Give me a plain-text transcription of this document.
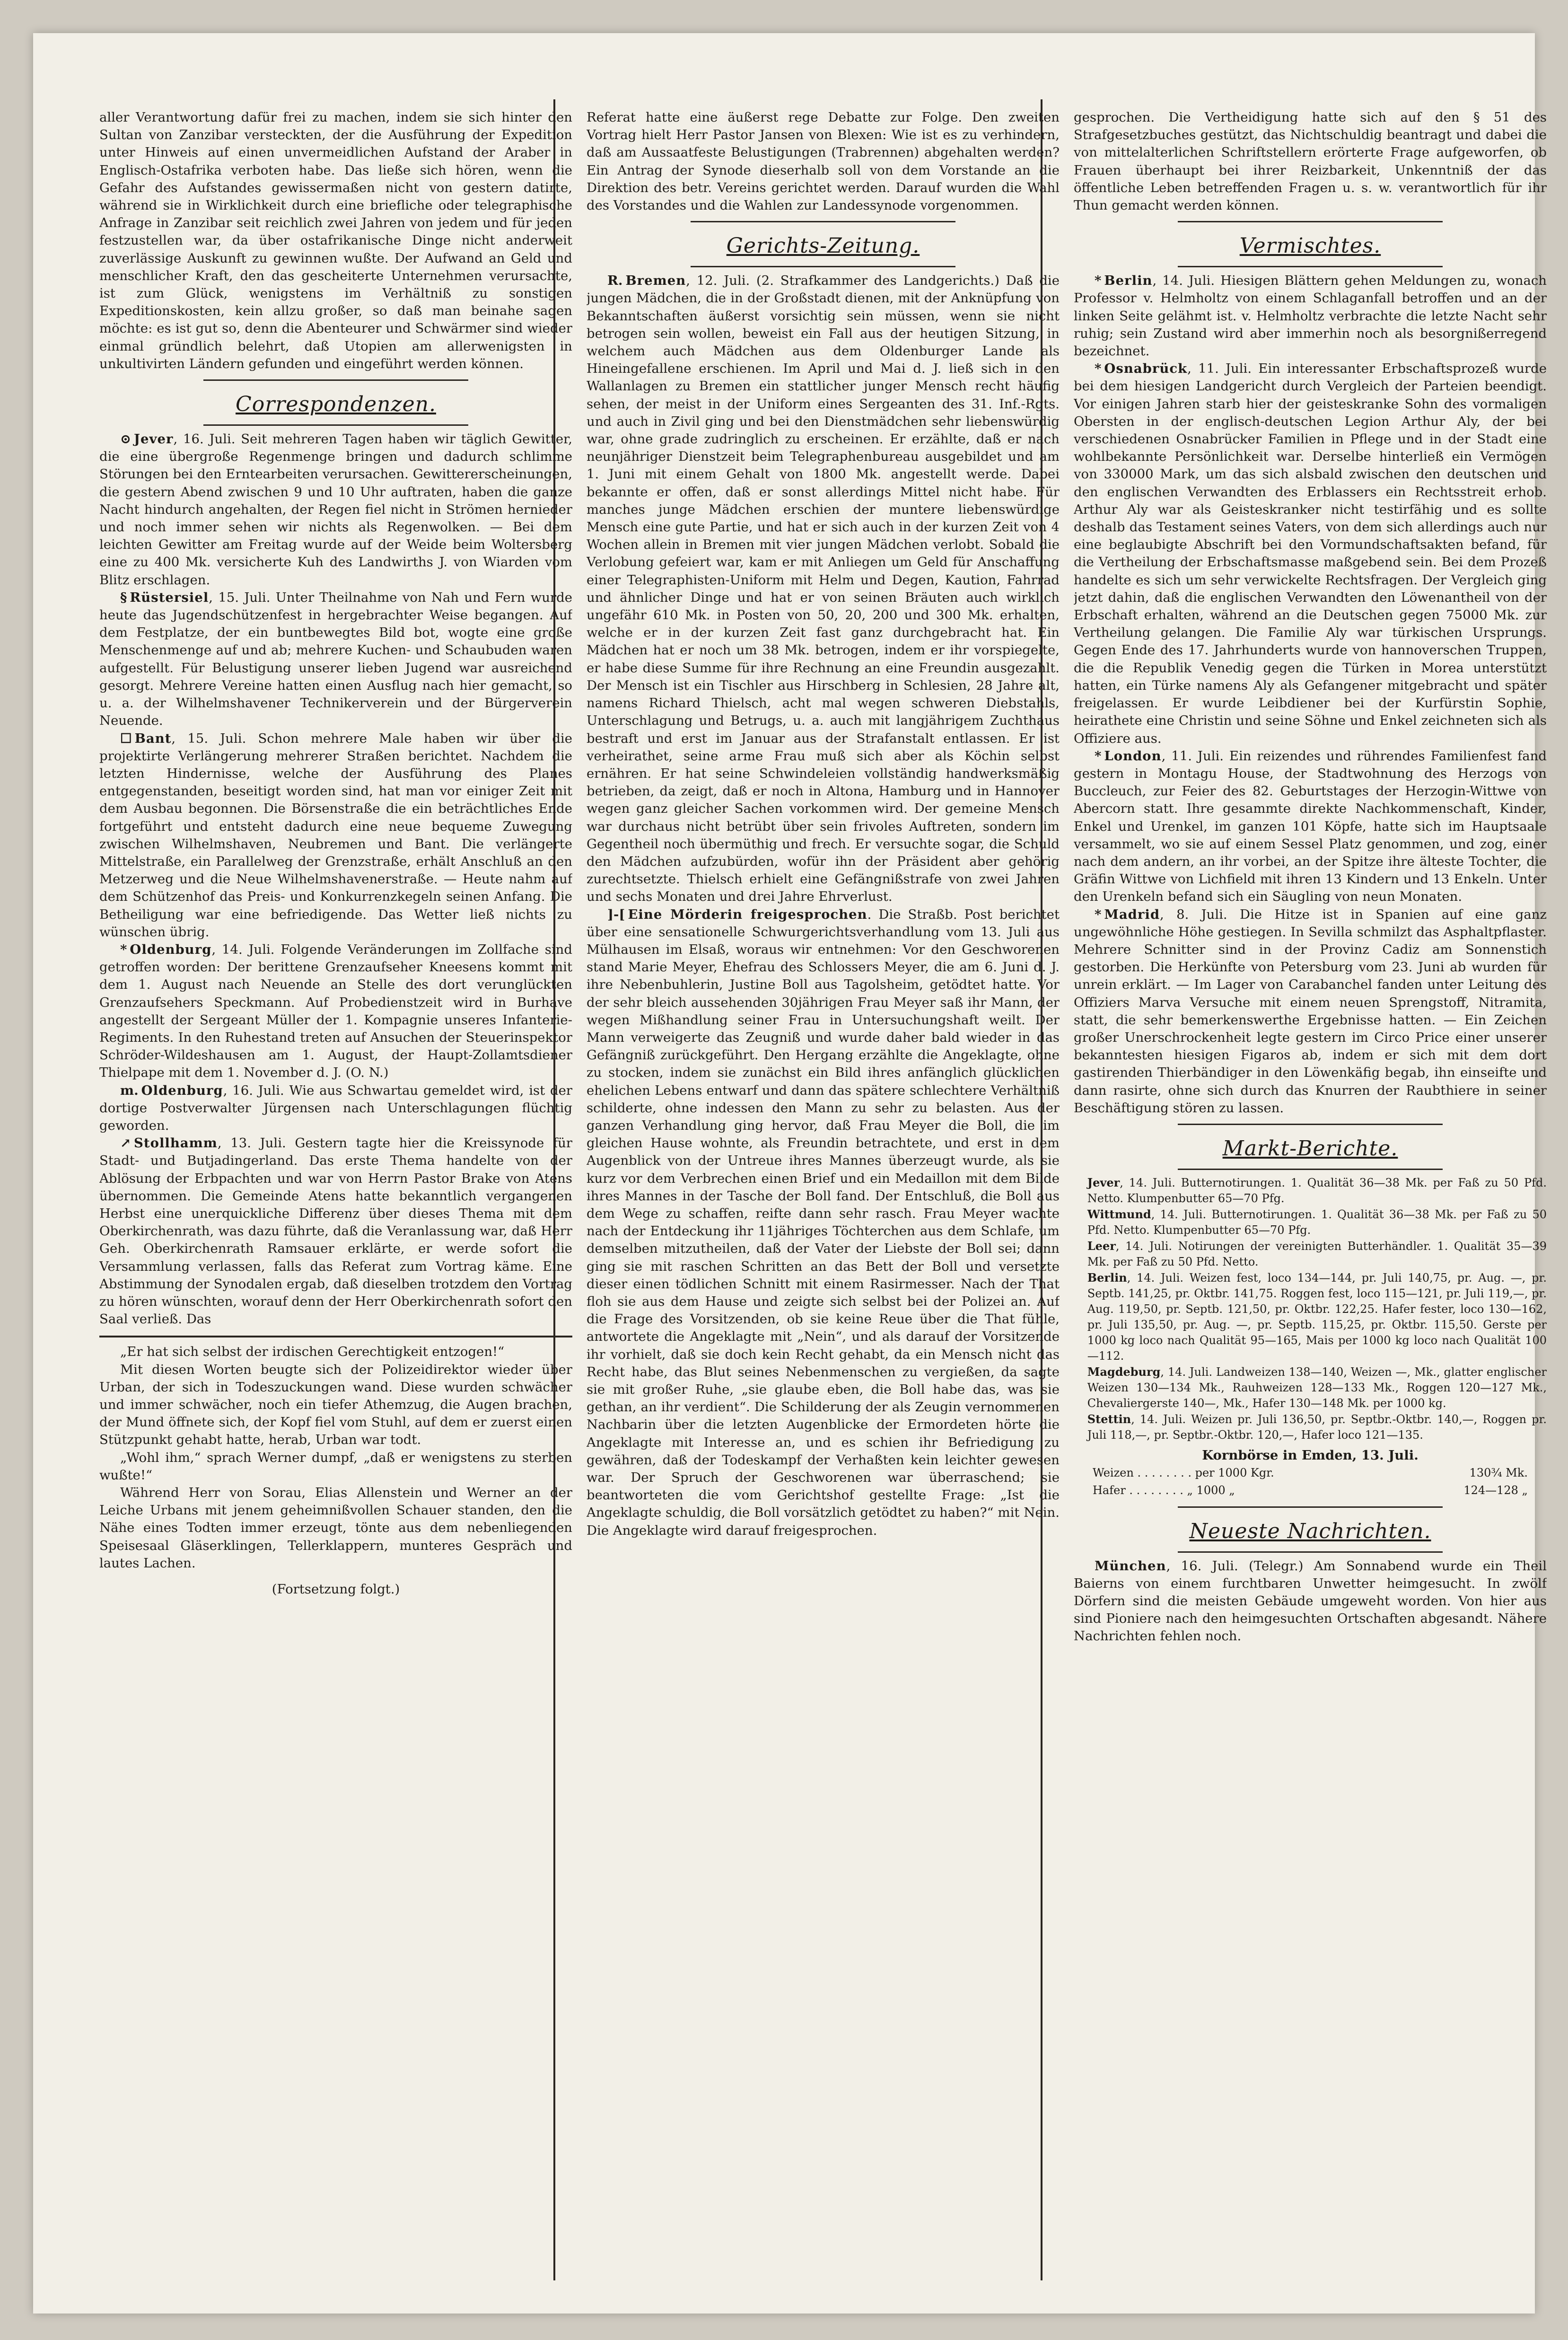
aller Verantwortung dafür frei zu machen, indem sie sich hinter den Sultan von Zanzibar versteckten, der die Ausführung der Expedition unter Hinweis auf einen unvermeidlichen Aufstand der Araber in Englisch-Ostafrika verboten habe. Das ließe sich hören, wenn die Gefahr des Aufstandes gewissermaßen nicht von gestern datirte, während sie in Wirklichkeit durch eine briefliche oder telegraphische Anfrage in Zanzibar seit reichlich zwei Jahren von jedem und für jeden festzustellen war, da über ostafrikanische Dinge nicht anderweit zuverlässige Auskunft zu gewinnen wußte. Der Aufwand an Geld und menschlicher Kraft, den das gescheiterte Unternehmen verursachte, ist zum Glück, wenigstens im Verhältniß zu sonstigen Expeditionskosten, kein allzu großer, so daß man beinahe sagen möchte: es ist gut so, denn die Abenteurer und Schwärmer sind wieder einmal gründlich belehrt, daß Utopien am allerwenigsten in unkultivirten Ländern gefunden und eingeführt werden können.

Correspondenzen.

⊙ Jever, 16. Juli. Seit mehreren Tagen haben wir täglich Gewitter, die eine übergroße Regenmenge bringen und dadurch schlimme Störungen bei den Erntearbeiten verursachen. Gewittererscheinungen, die gestern Abend zwischen 9 und 10 Uhr auftraten, haben die ganze Nacht hindurch angehalten, der Regen fiel nicht in Strömen hernieder und noch immer sehen wir nichts als Regenwolken. — Bei dem leichten Gewitter am Freitag wurde auf der Weide beim Woltersberg eine zu 400 Mk. versicherte Kuh des Landwirths J. von Wiarden vom Blitz erschlagen.

§ Rüstersiel, 15. Juli. Unter Theilnahme von Nah und Fern wurde heute das Jugendschützenfest in hergebrachter Weise begangen. Auf dem Festplatze, der ein buntbewegtes Bild bot, wogte eine große Menschenmenge auf und ab; mehrere Kuchen- und Schaubuden waren aufgestellt. Für Belustigung unserer lieben Jugend war ausreichend gesorgt. Mehrere Vereine hatten einen Ausflug nach hier gemacht, so u. a. der Wilhelmshavener Technikerverein und der Bürgerverein Neuende.

☐ Bant, 15. Juli. Schon mehrere Male haben wir über die projektirte Verlängerung mehrerer Straßen berichtet. Nachdem die letzten Hindernisse, welche der Ausführung des Planes entgegenstanden, beseitigt worden sind, hat man vor einiger Zeit mit dem Ausbau begonnen. Die Börsenstraße die ein beträchtliches Ende fortgeführt und entsteht dadurch eine neue bequeme Zuwegung zwischen Wilhelmshaven, Neubremen und Bant. Die verlängerte Mittelstraße, ein Parallelweg der Grenzstraße, erhält Anschluß an den Metzerweg und die Neue Wilhelmshavenerstraße. — Heute nahm auf dem Schützenhof das Preis- und Konkurrenzkegeln seinen Anfang. Die Betheiligung war eine befriedigende. Das Wetter ließ nichts zu wünschen übrig.

* Oldenburg, 14. Juli. Folgende Veränderungen im Zollfache sind getroffen worden: Der berittene Grenzaufseher Kneesens kommt mit dem 1. August nach Neuende an Stelle des dort verunglückten Grenzaufsehers Speckmann. Auf Probedienstzeit wird in Burhave angestellt der Sergeant Müller der 1. Kompagnie unseres Infanterie-Regiments. In den Ruhestand treten auf Ansuchen der Steuerinspektor Schröder-Wildeshausen am 1. August, der Haupt-Zollamtsdiener Thielpape mit dem 1. November d. J. (O. N.)

m. Oldenburg, 16. Juli. Wie aus Schwartau gemeldet wird, ist der dortige Postverwalter Jürgensen nach Unterschlagungen flüchtig geworden.

↗ Stollhamm, 13. Juli. Gestern tagte hier die Kreissynode für Stadt- und Butjadingerland. Das erste Thema handelte von der Ablösung der Erbpachten und war von Herrn Pastor Brake von Atens übernommen. Die Gemeinde Atens hatte bekanntlich vergangenen Herbst eine unerquickliche Differenz über dieses Thema mit dem Oberkirchenrath, was dazu führte, daß die Veranlassung war, daß Herr Geh. Oberkirchenrath Ramsauer erklärte, er werde sofort die Versammlung verlassen, falls das Referat zum Vortrag käme. Eine Abstimmung der Synodalen ergab, daß dieselben trotzdem den Vortrag zu hören wünschten, worauf denn der Herr Oberkirchenrath sofort den Saal verließ. Das

„Er hat sich selbst der irdischen Gerechtigkeit entzogen!“

Mit diesen Worten beugte sich der Polizeidirektor wieder über Urban, der sich in Todeszuckungen wand. Diese wurden schwächer und immer schwächer, noch ein tiefer Athemzug, die Augen brachen, der Mund öffnete sich, der Kopf fiel vom Stuhl, auf dem er zuerst einen Stützpunkt gehabt hatte, herab, Urban war todt.

„Wohl ihm,“ sprach Werner dumpf, „daß er wenigstens zu sterben wußte!“

Während Herr von Sorau, Elias Allenstein und Werner an der Leiche Urbans mit jenem geheimnißvollen Schauer standen, den die Nähe eines Todten immer erzeugt, tönte aus dem nebenliegenden Speisesaal Gläserklingen, Tellerklappern, munteres Gespräch und lautes Lachen.

(Fortsetzung folgt.)

Referat hatte eine äußerst rege Debatte zur Folge. Den zweiten Vortrag hielt Herr Pastor Jansen von Blexen: Wie ist es zu verhindern, daß am Aussaatfeste Belustigungen (Trabrennen) abgehalten werden? Ein Antrag der Synode dieserhalb soll von dem Vorstande an die Direktion des betr. Vereins gerichtet werden. Darauf wurden die Wahl des Vorstandes und die Wahlen zur Landessynode vorgenommen.

Gerichts-Zeitung.

R. Bremen, 12. Juli. (2. Strafkammer des Landgerichts.) Daß die jungen Mädchen, die in der Großstadt dienen, mit der Anknüpfung von Bekanntschaften äußerst vorsichtig sein müssen, wenn sie nicht betrogen sein wollen, beweist ein Fall aus der heutigen Sitzung, in welchem auch Mädchen aus dem Oldenburger Lande als Hineingefallene erschienen. Im April und Mai d. J. ließ sich in den Wallanlagen zu Bremen ein stattlicher junger Mensch recht häufig sehen, der meist in der Uniform eines Sergeanten des 31. Inf.-Rgts. und auch in Zivil ging und bei den Dienstmädchen sehr liebenswürdig war, ohne grade zudringlich zu erscheinen. Er erzählte, daß er nach neunjähriger Dienstzeit beim Telegraphenbureau ausgebildet und am 1. Juni mit einem Gehalt von 1800 Mk. angestellt werde. Dabei bekannte er offen, daß er sonst allerdings Mittel nicht habe. Für manches junge Mädchen erschien der muntere liebenswürdige Mensch eine gute Partie, und hat er sich auch in der kurzen Zeit von 4 Wochen allein in Bremen mit vier jungen Mädchen verlobt. Sobald die Verlobung gefeiert war, kam er mit Anliegen um Geld für Anschaffung einer Telegraphisten-Uniform mit Helm und Degen, Kaution, Fahrrad und ähnlicher Dinge und hat er von seinen Bräuten auch wirklich ungefähr 610 Mk. in Posten von 50, 20, 200 und 300 Mk. erhalten, welche er in der kurzen Zeit fast ganz durchgebracht hat. Ein Mädchen hat er noch um 38 Mk. betrogen, indem er ihr vorspiegelte, er habe diese Summe für ihre Rechnung an eine Freundin ausgezahlt. Der Mensch ist ein Tischler aus Hirschberg in Schlesien, 28 Jahre alt, namens Richard Thielsch, acht mal wegen schweren Diebstahls, Unterschlagung und Betrugs, u. a. auch mit langjährigem Zuchthaus bestraft und erst im Januar aus der Strafanstalt entlassen. Er ist verheirathet, seine arme Frau muß sich aber als Köchin selbst ernähren. Er hat seine Schwindeleien vollständig handwerksmäßig betrieben, da zeigt, daß er noch in Altona, Hamburg und in Hannover wegen ganz gleicher Sachen vorkommen wird. Der gemeine Mensch war durchaus nicht betrübt über sein frivoles Auftreten, sondern im Gegentheil noch übermüthig und frech. Er versuchte sogar, die Schuld den Mädchen aufzubürden, wofür ihn der Präsident aber gehörig zurechtsetzte. Thielsch erhielt eine Gefängnißstrafe von zwei Jahren und sechs Monaten und drei Jahre Ehrverlust.

]-[ Eine Mörderin freigesprochen. Die Straßb. Post berichtet über eine sensationelle Schwurgerichtsverhandlung vom 13. Juli aus Mülhausen im Elsaß, woraus wir entnehmen: Vor den Geschworenen stand Marie Meyer, Ehefrau des Schlossers Meyer, die am 6. Juni d. J. ihre Nebenbuhlerin, Justine Boll aus Tagolsheim, getödtet hatte. Vor der sehr bleich aussehenden 30jährigen Frau Meyer saß ihr Mann, der wegen Mißhandlung seiner Frau in Untersuchungshaft weilt. Der Mann verweigerte das Zeugniß und wurde daher bald wieder in das Gefängniß zurückgeführt. Den Hergang erzählte die Angeklagte, ohne zu stocken, indem sie zunächst ein Bild ihres anfänglich glücklichen ehelichen Lebens entwarf und dann das spätere schlechtere Verhältniß schilderte, ohne indessen den Mann zu sehr zu belasten. Aus der ganzen Verhandlung ging hervor, daß Frau Meyer die Boll, die im gleichen Hause wohnte, als Freundin betrachtete, und erst in dem Augenblick von der Untreue ihres Mannes überzeugt wurde, als sie kurz vor dem Verbrechen einen Brief und ein Medaillon mit dem Bilde ihres Mannes in der Tasche der Boll fand. Der Entschluß, die Boll aus dem Wege zu schaffen, reifte dann sehr rasch. Frau Meyer wachte nach der Entdeckung ihr 11jähriges Töchterchen aus dem Schlafe, um demselben mitzutheilen, daß der Vater der Liebste der Boll sei; dann ging sie mit raschen Schritten an das Bett der Boll und versetzte dieser einen tödlichen Schnitt mit einem Rasirmesser. Nach der That floh sie aus dem Hause und zeigte sich selbst bei der Polizei an. Auf die Frage des Vorsitzenden, ob sie keine Reue über die That fühle, antwortete die Angeklagte mit „Nein“, und als darauf der Vorsitzende ihr vorhielt, daß sie doch kein Recht gehabt, da ein Mensch nicht das Recht habe, das Blut seines Nebenmenschen zu vergießen, da sagte sie mit großer Ruhe, „sie glaube eben, die Boll habe das, was sie gethan, an ihr verdient“. Die Schilderung der als Zeugin vernommenen Nachbarin über die letzten Augenblicke der Ermordeten hörte die Angeklagte mit Interesse an, und es schien ihr Befriedigung zu gewähren, daß der Todeskampf der Verhaßten kein leichter gewesen war. Der Spruch der Geschworenen war überraschend; sie beantworteten die vom Gerichtshof gestellte Frage: „Ist die Angeklagte schuldig, die Boll vorsätzlich getödtet zu haben?“ mit Nein. Die Angeklagte wird darauf freigesprochen.

gesprochen. Die Vertheidigung hatte sich auf den § 51 des Strafgesetzbuches gestützt, das Nichtschuldig beantragt und dabei die von mittelalterlichen Schriftstellern erörterte Frage aufgeworfen, ob Frauen überhaupt bei ihrer Reizbarkeit, Unkenntniß der das öffentliche Leben betreffenden Fragen u. s. w. verantwortlich für ihr Thun gemacht werden können.

Vermischtes.

* Berlin, 14. Juli. Hiesigen Blättern gehen Meldungen zu, wonach Professor v. Helmholtz von einem Schlaganfall betroffen und an der linken Seite gelähmt ist. v. Helmholtz verbrachte die letzte Nacht sehr ruhig; sein Zustand wird aber immerhin noch als besorgnißerregend bezeichnet.

* Osnabrück, 11. Juli. Ein interessanter Erbschaftsprozeß wurde bei dem hiesigen Landgericht durch Vergleich der Parteien beendigt. Vor einigen Jahren starb hier der geisteskranke Sohn des vormaligen Obersten in der englisch-deutschen Legion Arthur Aly, der bei verschiedenen Osnabrücker Familien in Pflege und in der Stadt eine wohlbekannte Persönlichkeit war. Derselbe hinterließ ein Vermögen von 330000 Mark, um das sich alsbald zwischen den deutschen und den englischen Verwandten des Erblassers ein Rechtsstreit erhob. Arthur Aly war als Geisteskranker nicht testirfähig und es sollte deshalb das Testament seines Vaters, von dem sich allerdings auch nur eine beglaubigte Abschrift bei den Vormundschaftsakten befand, für die Vertheilung der Erbschaftsmasse maßgebend sein. Bei dem Prozeß handelte es sich um sehr verwickelte Rechtsfragen. Der Vergleich ging jetzt dahin, daß die englischen Verwandten den Löwenantheil von der Erbschaft erhalten, während an die Deutschen gegen 75000 Mk. zur Vertheilung gelangen. Die Familie Aly war türkischen Ursprungs. Gegen Ende des 17. Jahrhunderts wurde von hannoverschen Truppen, die die Republik Venedig gegen die Türken in Morea unterstützt hatten, ein Türke namens Aly als Gefangener mitgebracht und später freigelassen. Er wurde Leibdiener bei der Kurfürstin Sophie, heirathete eine Christin und seine Söhne und Enkel zeichneten sich als Offiziere aus.

* London, 11. Juli. Ein reizendes und rührendes Familienfest fand gestern in Montagu House, der Stadtwohnung des Herzogs von Buccleuch, zur Feier des 82. Geburtstages der Herzogin-Wittwe von Abercorn statt. Ihre gesammte direkte Nachkommenschaft, Kinder, Enkel und Urenkel, im ganzen 101 Köpfe, hatte sich im Hauptsaale versammelt, wo sie auf einem Sessel Platz genommen, und zog, einer nach dem andern, an ihr vorbei, an der Spitze ihre älteste Tochter, die Gräfin Wittwe von Lichfield mit ihren 13 Kindern und 13 Enkeln. Unter den Urenkeln befand sich ein Säugling von neun Monaten.

* Madrid, 8. Juli. Die Hitze ist in Spanien auf eine ganz ungewöhnliche Höhe gestiegen. In Sevilla schmilzt das Asphaltpflaster. Mehrere Schnitter sind in der Provinz Cadiz am Sonnenstich gestorben. Die Herkünfte von Petersburg vom 23. Juni ab wurden für unrein erklärt. — Im Lager von Carabanchel fanden unter Leitung des Offiziers Marva Versuche mit einem neuen Sprengstoff, Nitramita, statt, die sehr bemerkenswerthe Ergebnisse hatten. — Ein Zeichen großer Unerschrockenheit legte gestern im Circo Price einer unserer bekanntesten hiesigen Figaros ab, indem er sich mit dem dort gastirenden Thierbändiger in den Löwenkäfig begab, ihn einseifte und dann rasirte, ohne sich durch das Knurren der Raubthiere in seiner Beschäftigung stören zu lassen.

Markt-Berichte.

Jever, 14. Juli. Butternotirungen. 1. Qualität 36—38 Mk. per Faß zu 50 Pfd. Netto. Klumpenbutter 65—70 Pfg.

Wittmund, 14. Juli. Butternotirungen. 1. Qualität 36—38 Mk. per Faß zu 50 Pfd. Netto. Klumpenbutter 65—70 Pfg.

Leer, 14. Juli. Notirungen der vereinigten Butterhändler. 1. Qualität 35—39 Mk. per Faß zu 50 Pfd. Netto.

Berlin, 14. Juli. Weizen fest, loco 134—144, pr. Juli 140,75, pr. Aug. —, pr. Septb. 141,25, pr. Oktbr. 141,75. Roggen fest, loco 115—121, pr. Juli 119,—, pr. Aug. 119,50, pr. Septb. 121,50, pr. Oktbr. 122,25. Hafer fester, loco 130—162, pr. Juli 135,50, pr. Aug. —, pr. Septb. 115,25, pr. Oktbr. 115,50. Gerste per 1000 kg loco nach Qualität 95—165, Mais per 1000 kg loco nach Qualität 100—112.

Magdeburg, 14. Juli. Landweizen 138—140, Weizen —, Mk., glatter englischer Weizen 130—134 Mk., Rauhweizen 128—133 Mk., Roggen 120—127 Mk., Chevaliergerste 140—, Mk., Hafer 130—148 Mk. per 1000 kg.

Stettin, 14. Juli. Weizen pr. Juli 136,50, pr. Septbr.-Oktbr. 140,—, Roggen pr. Juli 118,—, pr. Septbr.-Oktbr. 120,—, Hafer loco 121—135.

Kornbörse in Emden, 13. Juli.
Weizen . . . . . . . . per 1000 Kgr.	130¾ Mk.
Hafer . . . . . . . . „ 1000 „	124—128 „
Neueste Nachrichten.

München, 16. Juli. (Telegr.) Am Sonnabend wurde ein Theil Baierns von einem furchtbaren Unwetter heimgesucht. In zwölf Dörfern sind die meisten Gebäude umgeweht worden. Von hier aus sind Pioniere nach den heimgesuchten Ortschaften abgesandt. Nähere Nachrichten fehlen noch.
